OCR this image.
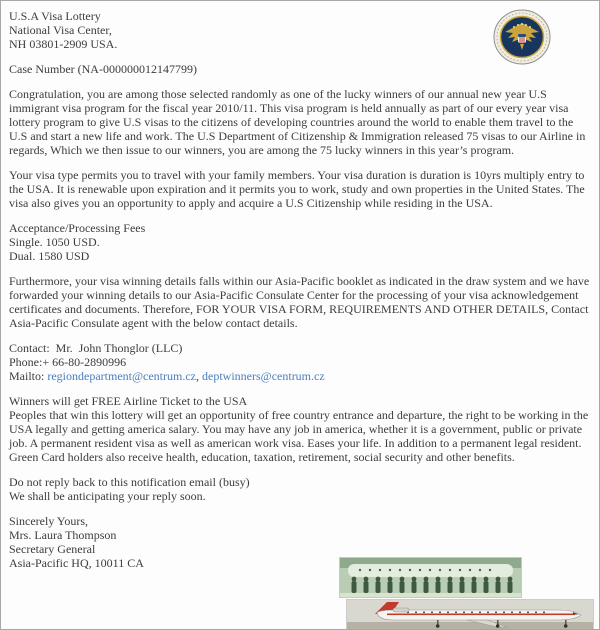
U.S.A Visa Lottery
National Visa Center,
NH 03801-2909 USA.
Case Number (NA-000000012147799)
Congratulation, you are among those selected randomly as one of the lucky winners of our annual new year U.S immigrant visa program for the fiscal year 2010/11. This visa program is held annually as part of our every year visa lottery program to give U.S visas to the citizens of developing countries around the world to enable them travel to the U.S and start a new life and work. The U.S Department of Citizenship & Immigration released 75 visas to our Airline in regards, Which we then issue to our winners, you are among the 75 lucky winners in this year’s program.
Your visa type permits you to travel with your family members. Your visa duration is duration is 10yrs multiply entry to the USA. It is renewable upon expiration and it permits you to work, study and own properties in the United States. The visa also gives you an opportunity to apply and acquire a U.S Citizenship while residing in the USA.
Acceptance/Processing Fees
Single. 1050 USD.
Dual. 1580 USD
Furthermore, your visa winning details falls within our Asia-Pacific booklet as indicated in the draw system and we have forwarded your winning details to our Asia-Pacific Consulate Center for the processing of your visa acknowledgement certificates and documents. Therefore, FOR YOUR VISA FORM, REQUIREMENTS AND OTHER DETAILS, Contact Asia-Pacific Consulate agent with the below contact details.
Contact:  Mr.  John Thonglor (LLC)
Phone:+ 66-80-2890996
Mailto: regiondepartment@centrum.cz, deptwinners@centrum.cz
Winners will get FREE Airline Ticket to the USA
Peoples that win this lottery will get an opportunity of free country entrance and departure, the right to be working in the USA legally and getting america salary. You may have any job in america, whether it is a government, public or private job. A permanent resident visa as well as american work visa. Eases your life. In addition to a permanent legal resident. Green Card holders also receive health, education, taxation, retirement, social security and other benefits.
Do not reply back to this notification email (busy)
We shall be anticipating your reply soon.
Sincerely Yours,
Mrs. Laura Thompson
Secretary General
Asia-Pacific HQ, 10011 CA
